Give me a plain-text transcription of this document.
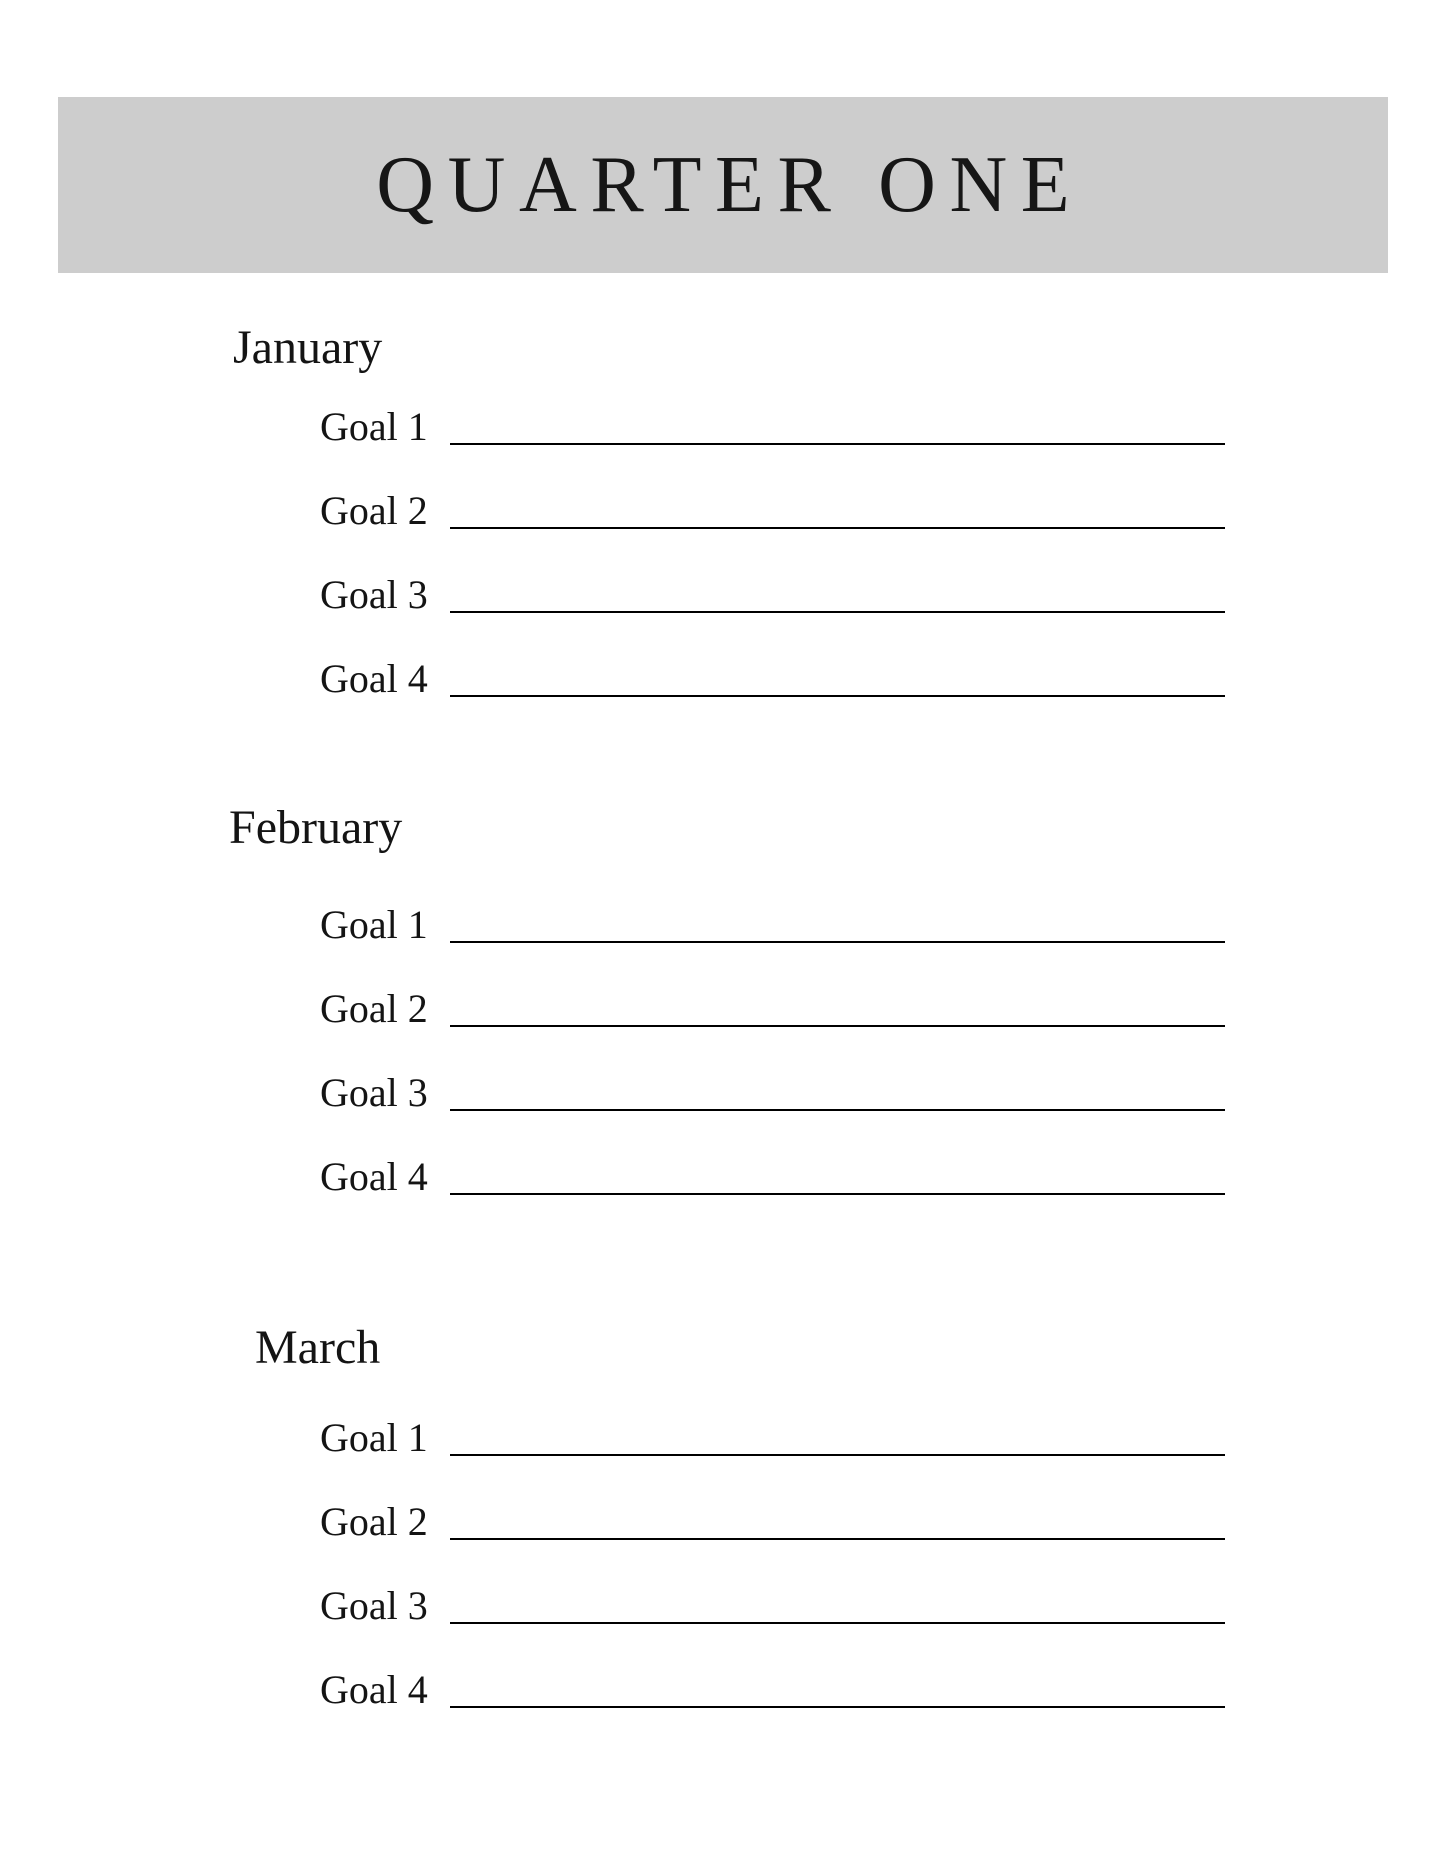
QUARTER ONE
January
Goal 1
Goal 2
Goal 3
Goal 4
February
Goal 1
Goal 2
Goal 3
Goal 4
March
Goal 1
Goal 2
Goal 3
Goal 4
